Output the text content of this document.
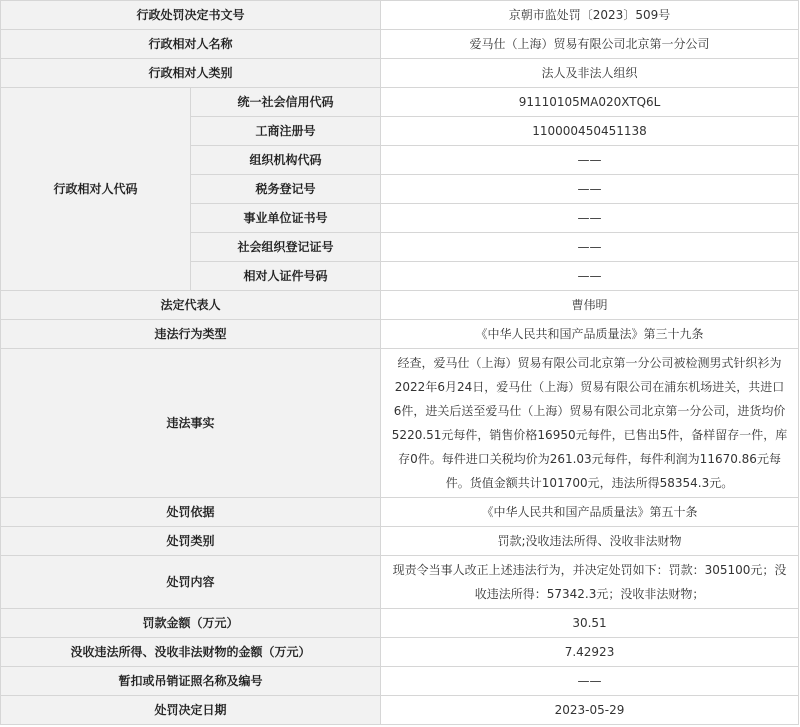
行政处罚决定书文号		京朝市监处罚〔2023〕509号
行政相对人名称		爱马仕（上海）贸易有限公司北京第一分公司
行政相对人类别		法人及非法人组织
行政相对人代码	统一社会信用代码	91110105MA020XTQ6L
	工商注册号	110000450451138
	组织机构代码	——
	税务登记号	——
	事业单位证书号	——
	社会组织登记证号	——
	相对人证件号码	——
法定代表人		曹伟明
违法行为类型		《中华人民共和国产品质量法》第三十九条
违法事实		经查，爱马仕（上海）贸易有限公司北京第一分公司被检测男式针织衫为2022年6月24日，爱马仕（上海）贸易有限公司在浦东机场进关，共进口6件，进关后送至爱马仕（上海）贸易有限公司北京第一分公司，进货均价5220.51元每件，销售价格16950元每件，已售出5件，备样留存一件，库存0件。每件进口关税均价为261.03元每件，每件利润为11670.86元每件。货值金额共计101700元，违法所得58354.3元。
处罚依据		《中华人民共和国产品质量法》第五十条
处罚类别		罚款;没收违法所得、没收非法财物
处罚内容		现责令当事人改正上述违法行为，并决定处罚如下：罚款：305100元；没收违法所得：57342.3元；没收非法财物；
罚款金额（万元）		30.51
没收违法所得、没收非法财物的金额（万元）		7.42923
暂扣或吊销证照名称及编号		——
处罚决定日期		2023-05-29
